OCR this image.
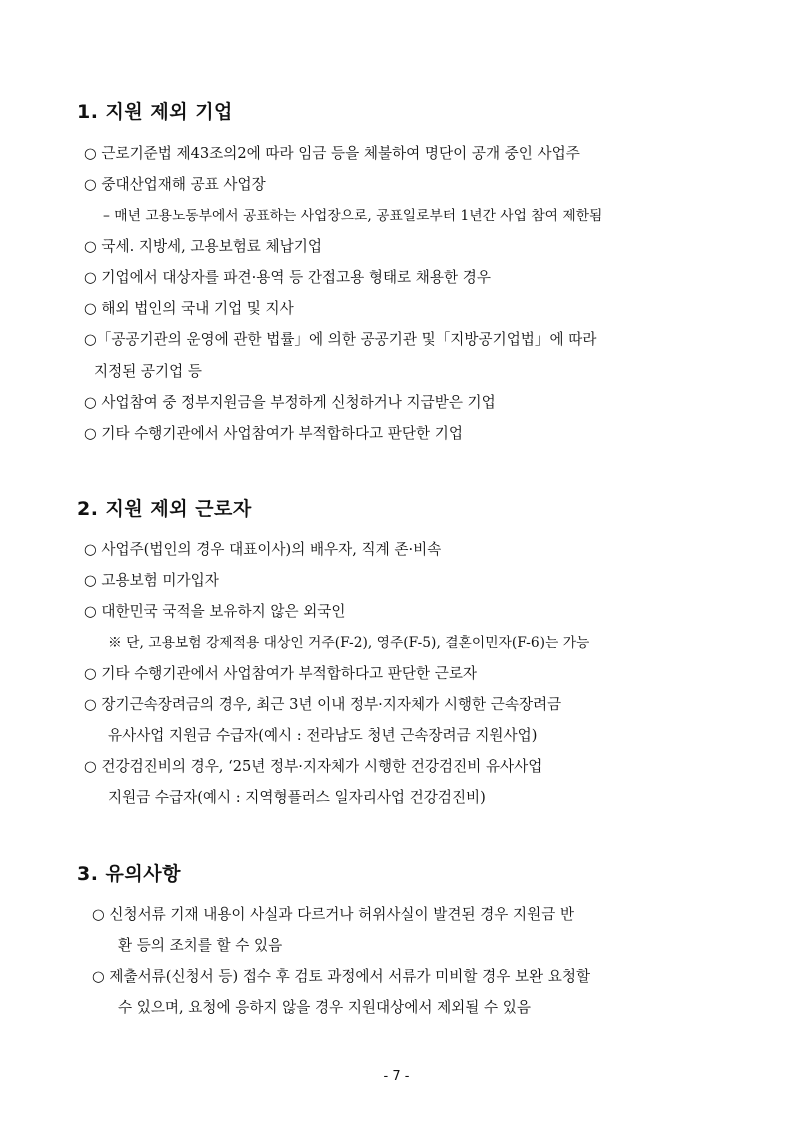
1. 지원 제외 기업
○ 근로기준법 제43조의2에 따라 임금 등을 체불하여 명단이 공개 중인 사업주
○ 중대산업재해 공표 사업장
– 매년 고용노동부에서 공표하는 사업장으로, 공표일로부터 1년간 사업 참여 제한됨
○ 국세. 지방세, 고용보험료 체납기업
○ 기업에서 대상자를 파견·용역 등 간접고용 형태로 채용한 경우
○ 해외 법인의 국내 기업 및 지사
○「공공기관의 운영에 관한 법률」에 의한 공공기관 및「지방공기업법」에 따라
지정된 공기업 등
○ 사업참여 중 정부지원금을 부정하게 신청하거나 지급받은 기업
○ 기타 수행기관에서 사업참여가 부적합하다고 판단한 기업
2. 지원 제외 근로자
○ 사업주(법인의 경우 대표이사)의 배우자, 직계 존·비속
○ 고용보험 미가입자
○ 대한민국 국적을 보유하지 않은 외국인
※ 단, 고용보험 강제적용 대상인 거주(F-2), 영주(F-5), 결혼이민자(F-6)는 가능
○ 기타 수행기관에서 사업참여가 부적합하다고 판단한 근로자
○ 장기근속장려금의 경우, 최근 3년 이내 정부·지자체가 시행한 근속장려금
유사사업 지원금 수급자(예시 : 전라남도 청년 근속장려금 지원사업)
○ 건강검진비의 경우, ‘25년 정부·지자체가 시행한 건강검진비 유사사업
지원금 수급자(예시 : 지역형플러스 일자리사업 건강검진비)
3. 유의사항
○ 신청서류 기재 내용이 사실과 다르거나 허위사실이 발견된 경우 지원금 반
환 등의 조치를 할 수 있음
○ 제출서류(신청서 등) 접수 후 검토 과정에서 서류가 미비할 경우 보완 요청할
수 있으며, 요청에 응하지 않을 경우 지원대상에서 제외될 수 있음
- 7 -
